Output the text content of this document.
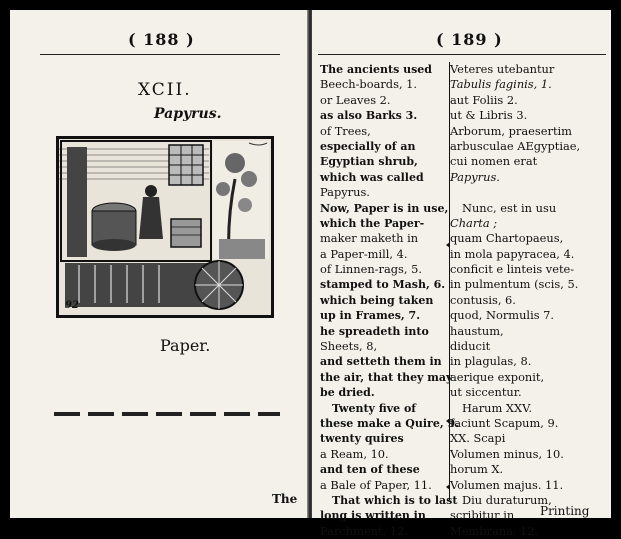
( 188 )
XCII.
Papyrus.
92
Paper.
The
( 189 )
The ancients used
Beech-boards, 1.
or Leaves 2.
as also Barks 3.
of Trees,
especially of an
Egyptian shrub,
which was called
Papyrus.
Now, Paper is in use,
which the Paper-
maker maketh in
a Paper-mill, 4.
of Linnen-rags, 5.
stamped to Mash, 6.
which being taken
up in Frames, 7.
he spreadeth into
Sheets, 8,
and setteth them in
the air, that they may
be dried.
Twenty five of
these make a Quire, 9.
twenty quires
a Ream, 10.
and ten of these
a Bale of Paper, 11.
That which is to last
long is written in
Parchment, 12.
Veteres utebantur
Tabulis faginis, 1.
aut Foliis 2.
ut & Libris 3.
Arborum, praesertim
arbusculae AEgyptiae,
cui nomen erat
Papyrus.
Nunc, est in usu
Charta ;
quam Chartopaeus,
in mola papyracea, 4.
conficit e linteis vete-
in pulmentum (scis, 5.
contusis, 6.
quod, Normulis 7.
haustum,
diducit
in plagulas, 8.
aerique exponit,
ut siccentur.
Harum XXV.
faciunt Scapum, 9.
XX. Scapi
Volumen minus, 10.
horum X.
Volumen majus. 11.
Diu duraturum,
scribitur in
Membrana. 12.
Printing
